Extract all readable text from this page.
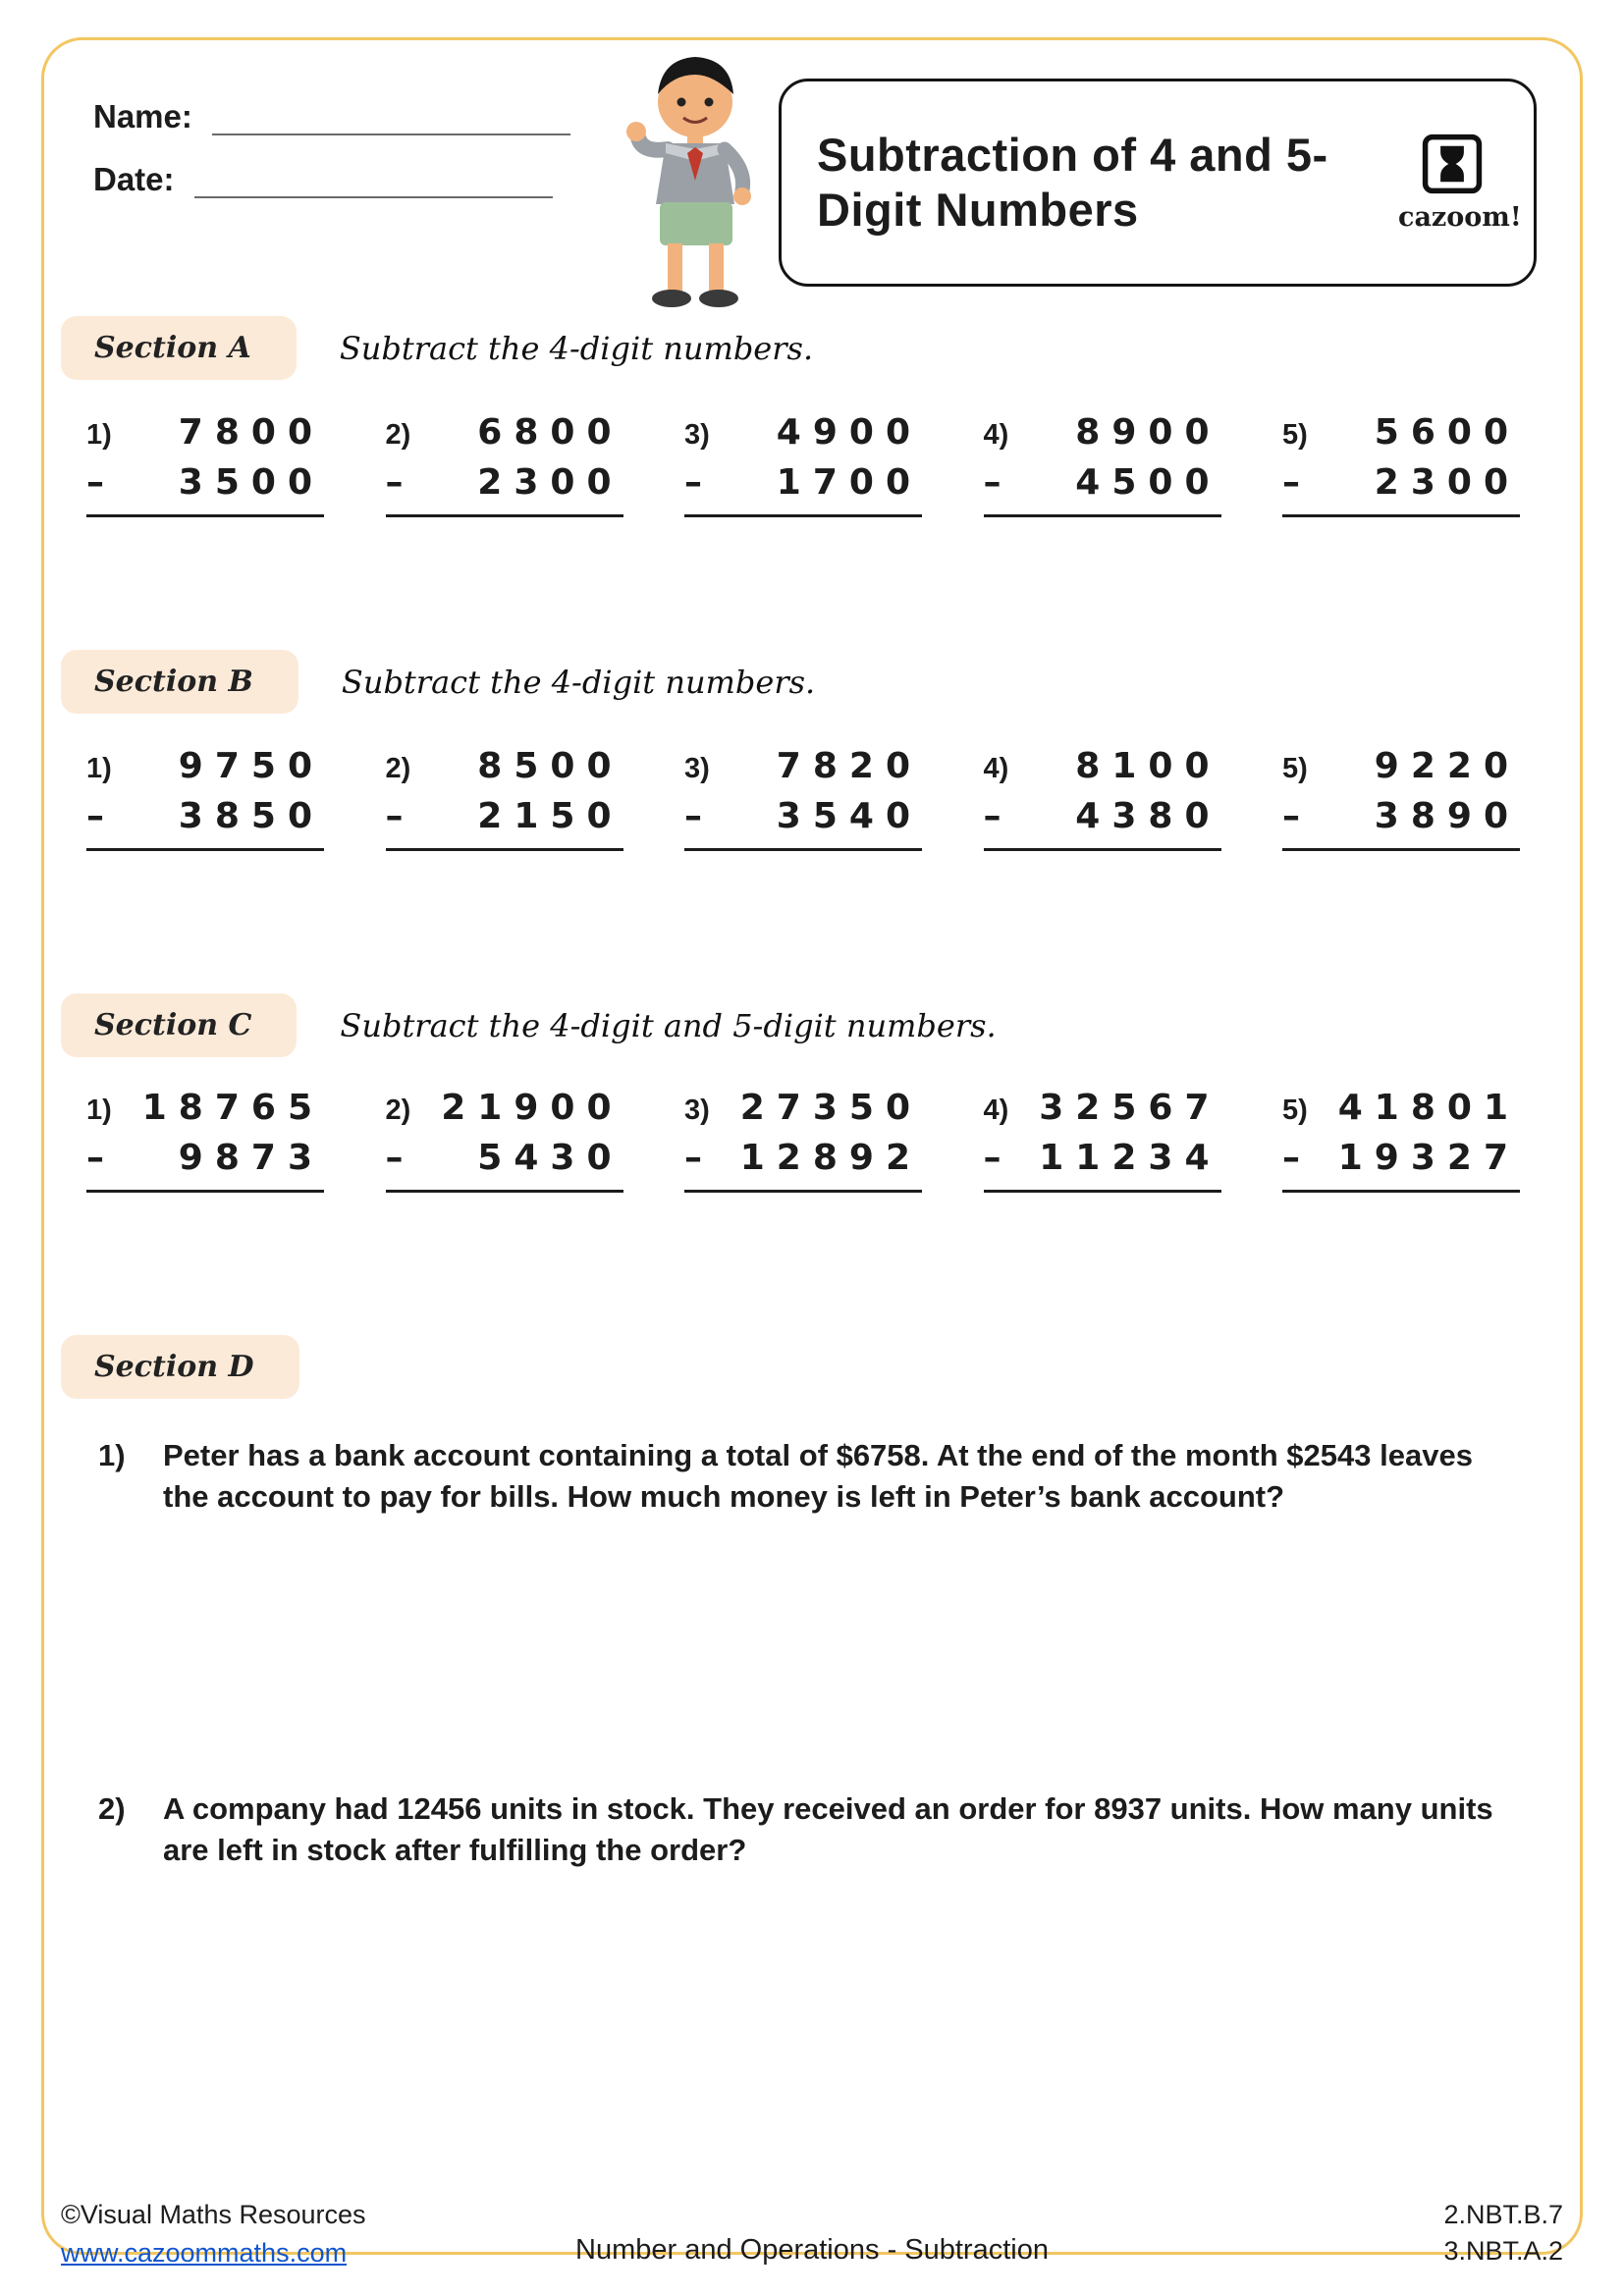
Name:
Date:	Subtraction of 4 and 5-Digit Numbers	cazoom!
Section A	Subtract the 4-digit numbers.
1) 7800
– 3500
2) 6800
– 2300
3) 4900
– 1700
4) 8900
– 4500
5) 5600
– 2300
Section B	Subtract the 4-digit numbers.
1) 9750
– 3850
2) 8500
– 2150
3) 7820
– 3540
4) 8100
– 4380
5) 9220
– 3890
Section C	Subtract the 4-digit and 5-digit numbers.
1) 18765
– 9873
2) 21900
– 5430
3) 27350
– 12892
4) 32567
– 11234
5) 41801
– 19327
Section D
1)	Peter has a bank account containing a total of $6758. At the end of the month $2543 leaves the account to pay for bills. How much money is left in Peter’s bank account?
2)	A company had 12456 units in stock. They received an order for 8937 units. How many units are left in stock after fulfilling the order?
©Visual Maths Resources
www.cazoommaths.com	Number and Operations - Subtraction
2.NBT.B.7
3.NBT.A.2
